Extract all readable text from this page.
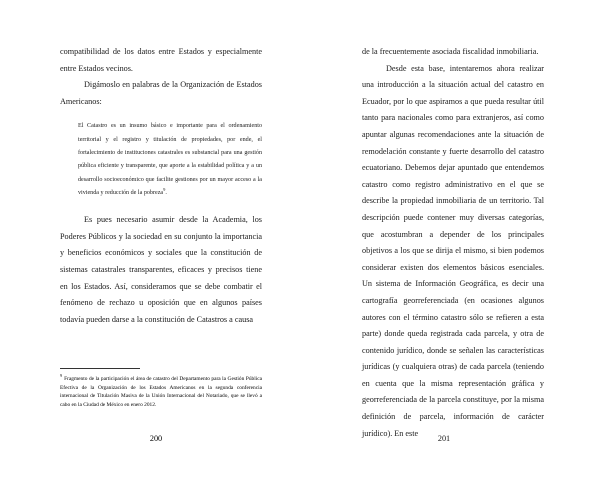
compatibilidad de los datos entre Estados y especialmente entre Estados vecinos.

Digámoslo en palabras de la Organización de Estados Americanos:

El Catastro es un insumo básico e importante para el ordenamiento territorial y el registro y titulación de propiedades, por ende, el fortalecimiento de instituciones catastrales es substancial para una gestión pública eficiente y transparente, que aporte a la estabilidad política y a un desarrollo socioeconómico que facilite gestiones por un mayor acceso a la vivienda y reducción de la pobreza$^9$.

Es pues necesario asumir desde la Academia, los Poderes Públicos y la sociedad en su conjunto la importancia y beneficios económicos y sociales que la constitución de sistemas catastrales transparentes, eficaces y precisos tiene en los Estados. Así, consideramos que se debe combatir el fenómeno de rechazo u oposición que en algunos países todavía pueden darse a la constitución de Catastros a causa

$^9$Fragmento de la participación el área de catastro del Departamento para la Gestión Pública Efectiva de la Organización de los Estados Americanos en la segunda conferencia internacional de Titulación Masiva de la Unión Internacional del Notariado, que se llevó a cabo en la Ciudad de México en enero 2012.

200

de la frecuentemente asociada fiscalidad inmobiliaria.

Desde esta base, intentaremos ahora realizar una introducción a la situación actual del catastro en Ecuador, por lo que aspiramos a que pueda resultar útil tanto para nacionales como para extranjeros, así como apuntar algunas recomendaciones ante la situación de remodelación constante y fuerte desarrollo del catastro ecuatoriano. Debemos dejar apuntado que entendemos catastro como registro administrativo en el que se describe la propiedad inmobiliaria de un territorio. Tal descripción puede contener muy diversas categorías, que acostumbran a depender de los principales objetivos a los que se dirija el mismo, si bien podemos considerar existen dos elementos básicos esenciales. Un sistema de Información Geográfica, es decir una cartografía georreferenciada (en ocasiones algunos autores con el término catastro sólo se refieren a esta parte) donde queda registrada cada parcela, y otra de contenido jurídico, donde se señalen las características jurídicas (y cualquiera otras) de cada parcela (teniendo en cuenta que la misma representación gráfica y georreferenciada de la parcela constituye, por la misma definición de parcela, información de carácter jurídico). En este

201
